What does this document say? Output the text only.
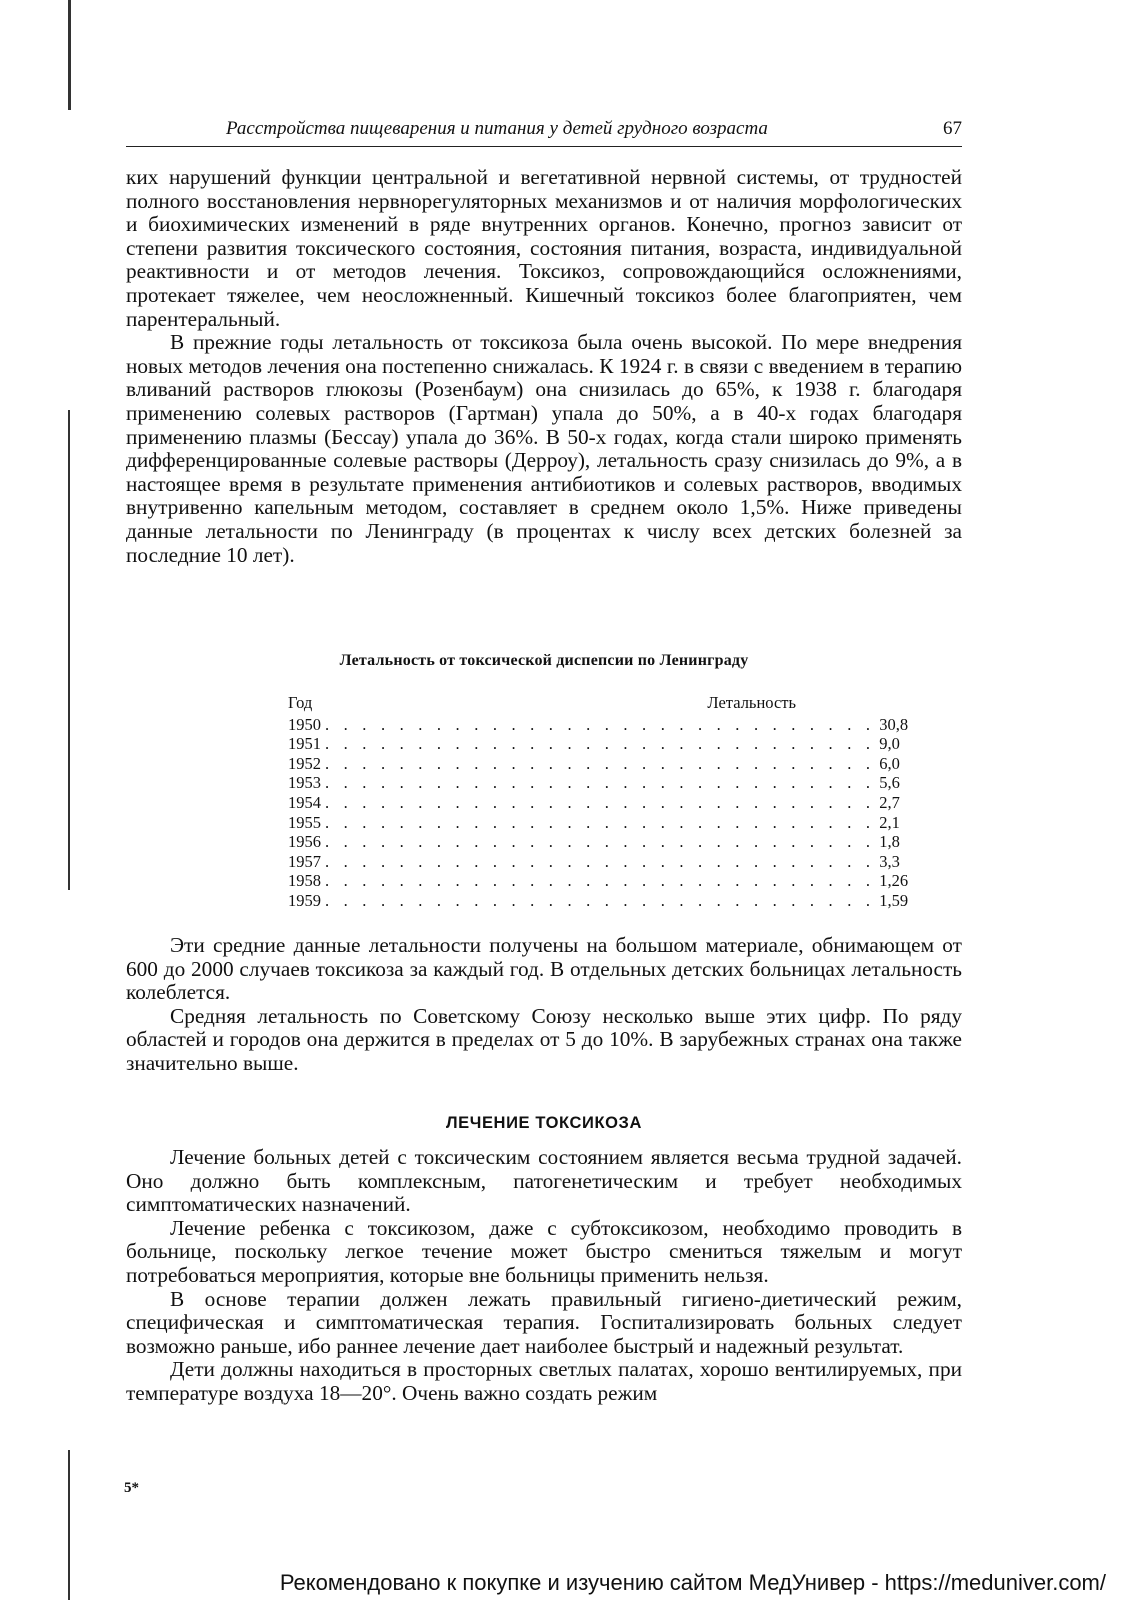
Расстройства пищеварения и питания у детей грудного возраста	67

ких нарушений функции центральной и вегетативной нервной системы, от трудностей полного восстановления нервнорегуляторных механизмов и от наличия морфологических и биохимических изменений в ряде внутренних органов. Конечно, прогноз зависит от степени развития токсического состояния, состояния питания, возраста, индивидуальной реактивности и от методов лечения. Токсикоз, сопровождающийся осложнениями, протекает тяжелее, чем неосложненный. Кишечный токсикоз более благоприятен, чем парентеральный.

В прежние годы летальность от токсикоза была очень высокой. По мере внедрения новых методов лечения она постепенно снижалась. К 1924 г. в связи с введением в терапию вливаний растворов глюкозы (Розенбаум) она снизилась до 65%, к 1938 г. благодаря применению солевых растворов (Гартман) упала до 50%, а в 40-х годах благодаря применению плазмы (Бессау) упала до 36%. В 50-х годах, когда стали широко применять дифференцированные солевые растворы (Дерроу), летальность сразу снизилась до 9%, а в настоящее время в результате применения антибиотиков и солевых растворов, вводимых внутривенно капельным методом, составляет в среднем около 1,5%. Ниже приведены данные летальности по Ленинграду (в процентах к числу всех детских болезней за последние 10 лет).

Летальность от токсической диспепсии по Ленинграду
Год	Летальность
1950 . . . . . . . . . . . . . . . . . . . . . . . . . . . . . . 30,8
1951 . . . . . . . . . . . . . . . . . . . . . . . . . . . . . . 9,0
1952 . . . . . . . . . . . . . . . . . . . . . . . . . . . . . . 6,0
1953 . . . . . . . . . . . . . . . . . . . . . . . . . . . . . . 5,6
1954 . . . . . . . . . . . . . . . . . . . . . . . . . . . . . . 2,7
1955 . . . . . . . . . . . . . . . . . . . . . . . . . . . . . . 2,1
1956 . . . . . . . . . . . . . . . . . . . . . . . . . . . . . . 1,8
1957 . . . . . . . . . . . . . . . . . . . . . . . . . . . . . . 3,3
1958 . . . . . . . . . . . . . . . . . . . . . . . . . . . . . . 1,26
1959 . . . . . . . . . . . . . . . . . . . . . . . . . . . . . . 1,59

Эти средние данные летальности получены на большом материале, обнимающем от 600 до 2000 случаев токсикоза за каждый год. В отдельных детских больницах летальность колеблется.

Средняя летальность по Советскому Союзу несколько выше этих цифр. По ряду областей и городов она держится в пределах от 5 до 10%. В зарубежных странах она также значительно выше.

ЛЕЧЕНИЕ ТОКСИКОЗА

Лечение больных детей с токсическим состоянием является весьма трудной задачей. Оно должно быть комплексным, патогенетическим и требует необходимых симптоматических назначений.

Лечение ребенка с токсикозом, даже с субтоксикозом, необходимо проводить в больнице, поскольку легкое течение может быстро смениться тяжелым и могут потребоваться мероприятия, которые вне больницы применить нельзя.

В основе терапии должен лежать правильный гигиено-диетический режим, специфическая и симптоматическая терапия. Госпитализировать больных следует возможно раньше, ибо раннее лечение дает наиболее быстрый и надежный результат.

Дети должны находиться в просторных светлых палатах, хорошо вентилируемых, при температуре воздуха 18—20°. Очень важно создать режим

5*
Рекомендовано к покупке и изучению сайтом МедУнивер - https://meduniver.com/
